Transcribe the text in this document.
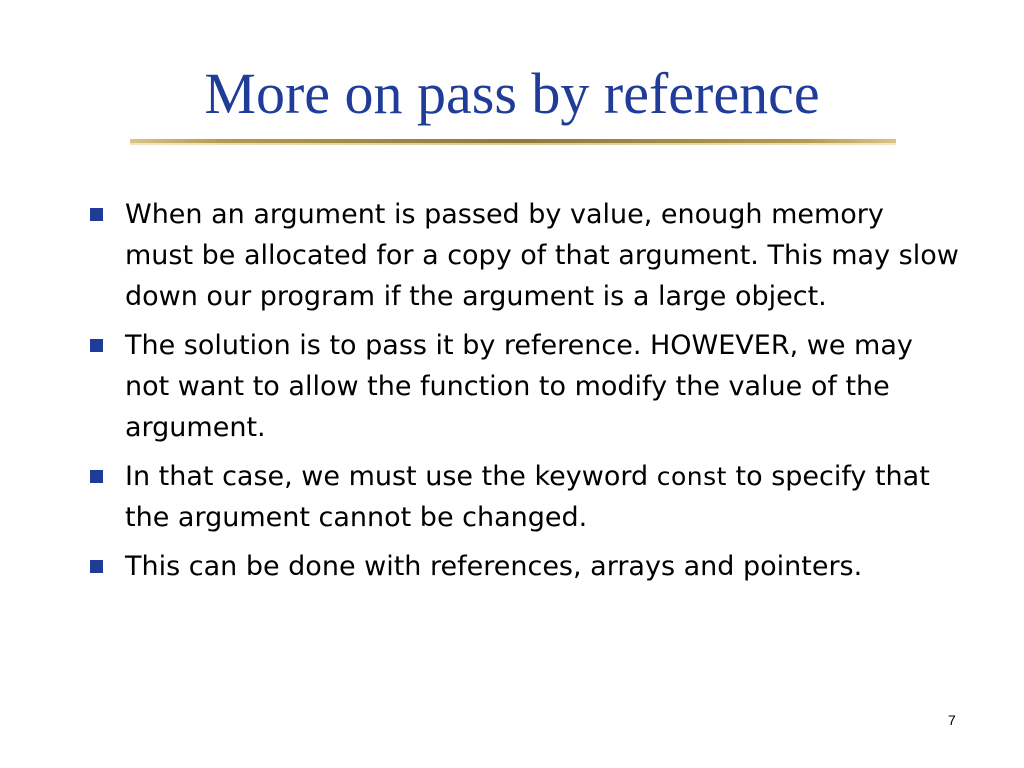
More on pass by reference
When an argument is passed by value, enough memory must be allocated for a copy of that argument. This may slow down our program if the argument is a large object.
The solution is to pass it by reference. HOWEVER, we may not want to allow the function to modify the value of the argument.
In that case, we must use the keyword const to specify that the argument cannot be changed.
This can be done with references, arrays and pointers.
7
